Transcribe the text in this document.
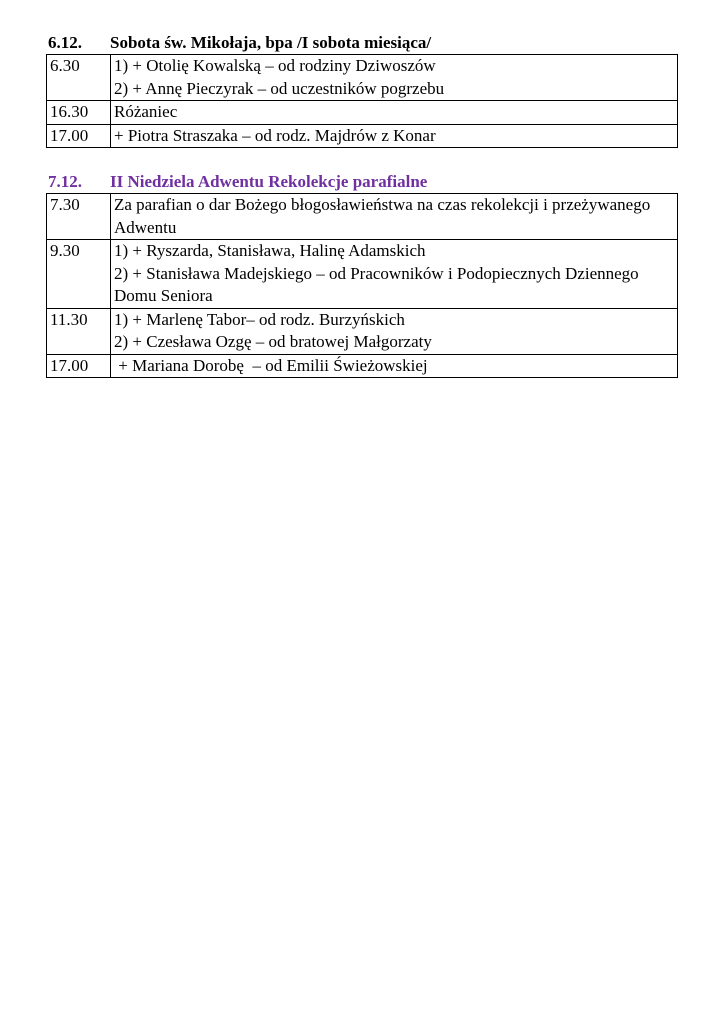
6.12. Sobota św. Mikołaja, bpa /I sobota miesiąca/
6.30	1) + Otolię Kowalską – od rodziny Dziwoszów
2) + Annę Pieczyrak – od uczestników pogrzebu

16.30	Różaniec

17.00	+ Piotra Straszaka – od rodz. Majdrów z Konar
7.12. II Niedziela Adwentu Rekolekcje parafialne
7.30	Za parafian o dar Bożego błogosławieństwa na czas rekolekcji i przeżywanego Adwentu

9.30	1) + Ryszarda, Stanisława, Halinę Adamskich
2) + Stanisława Madejskiego – od Pracowników i Podopiecznych Dziennego Domu Seniora

11.30	1) + Marlenę Tabor– od rodz. Burzyńskich
2) + Czesława Ozgę – od bratowej Małgorzaty

17.00	+ Mariana Dorobę  – od Emilii Świeżowskiej
